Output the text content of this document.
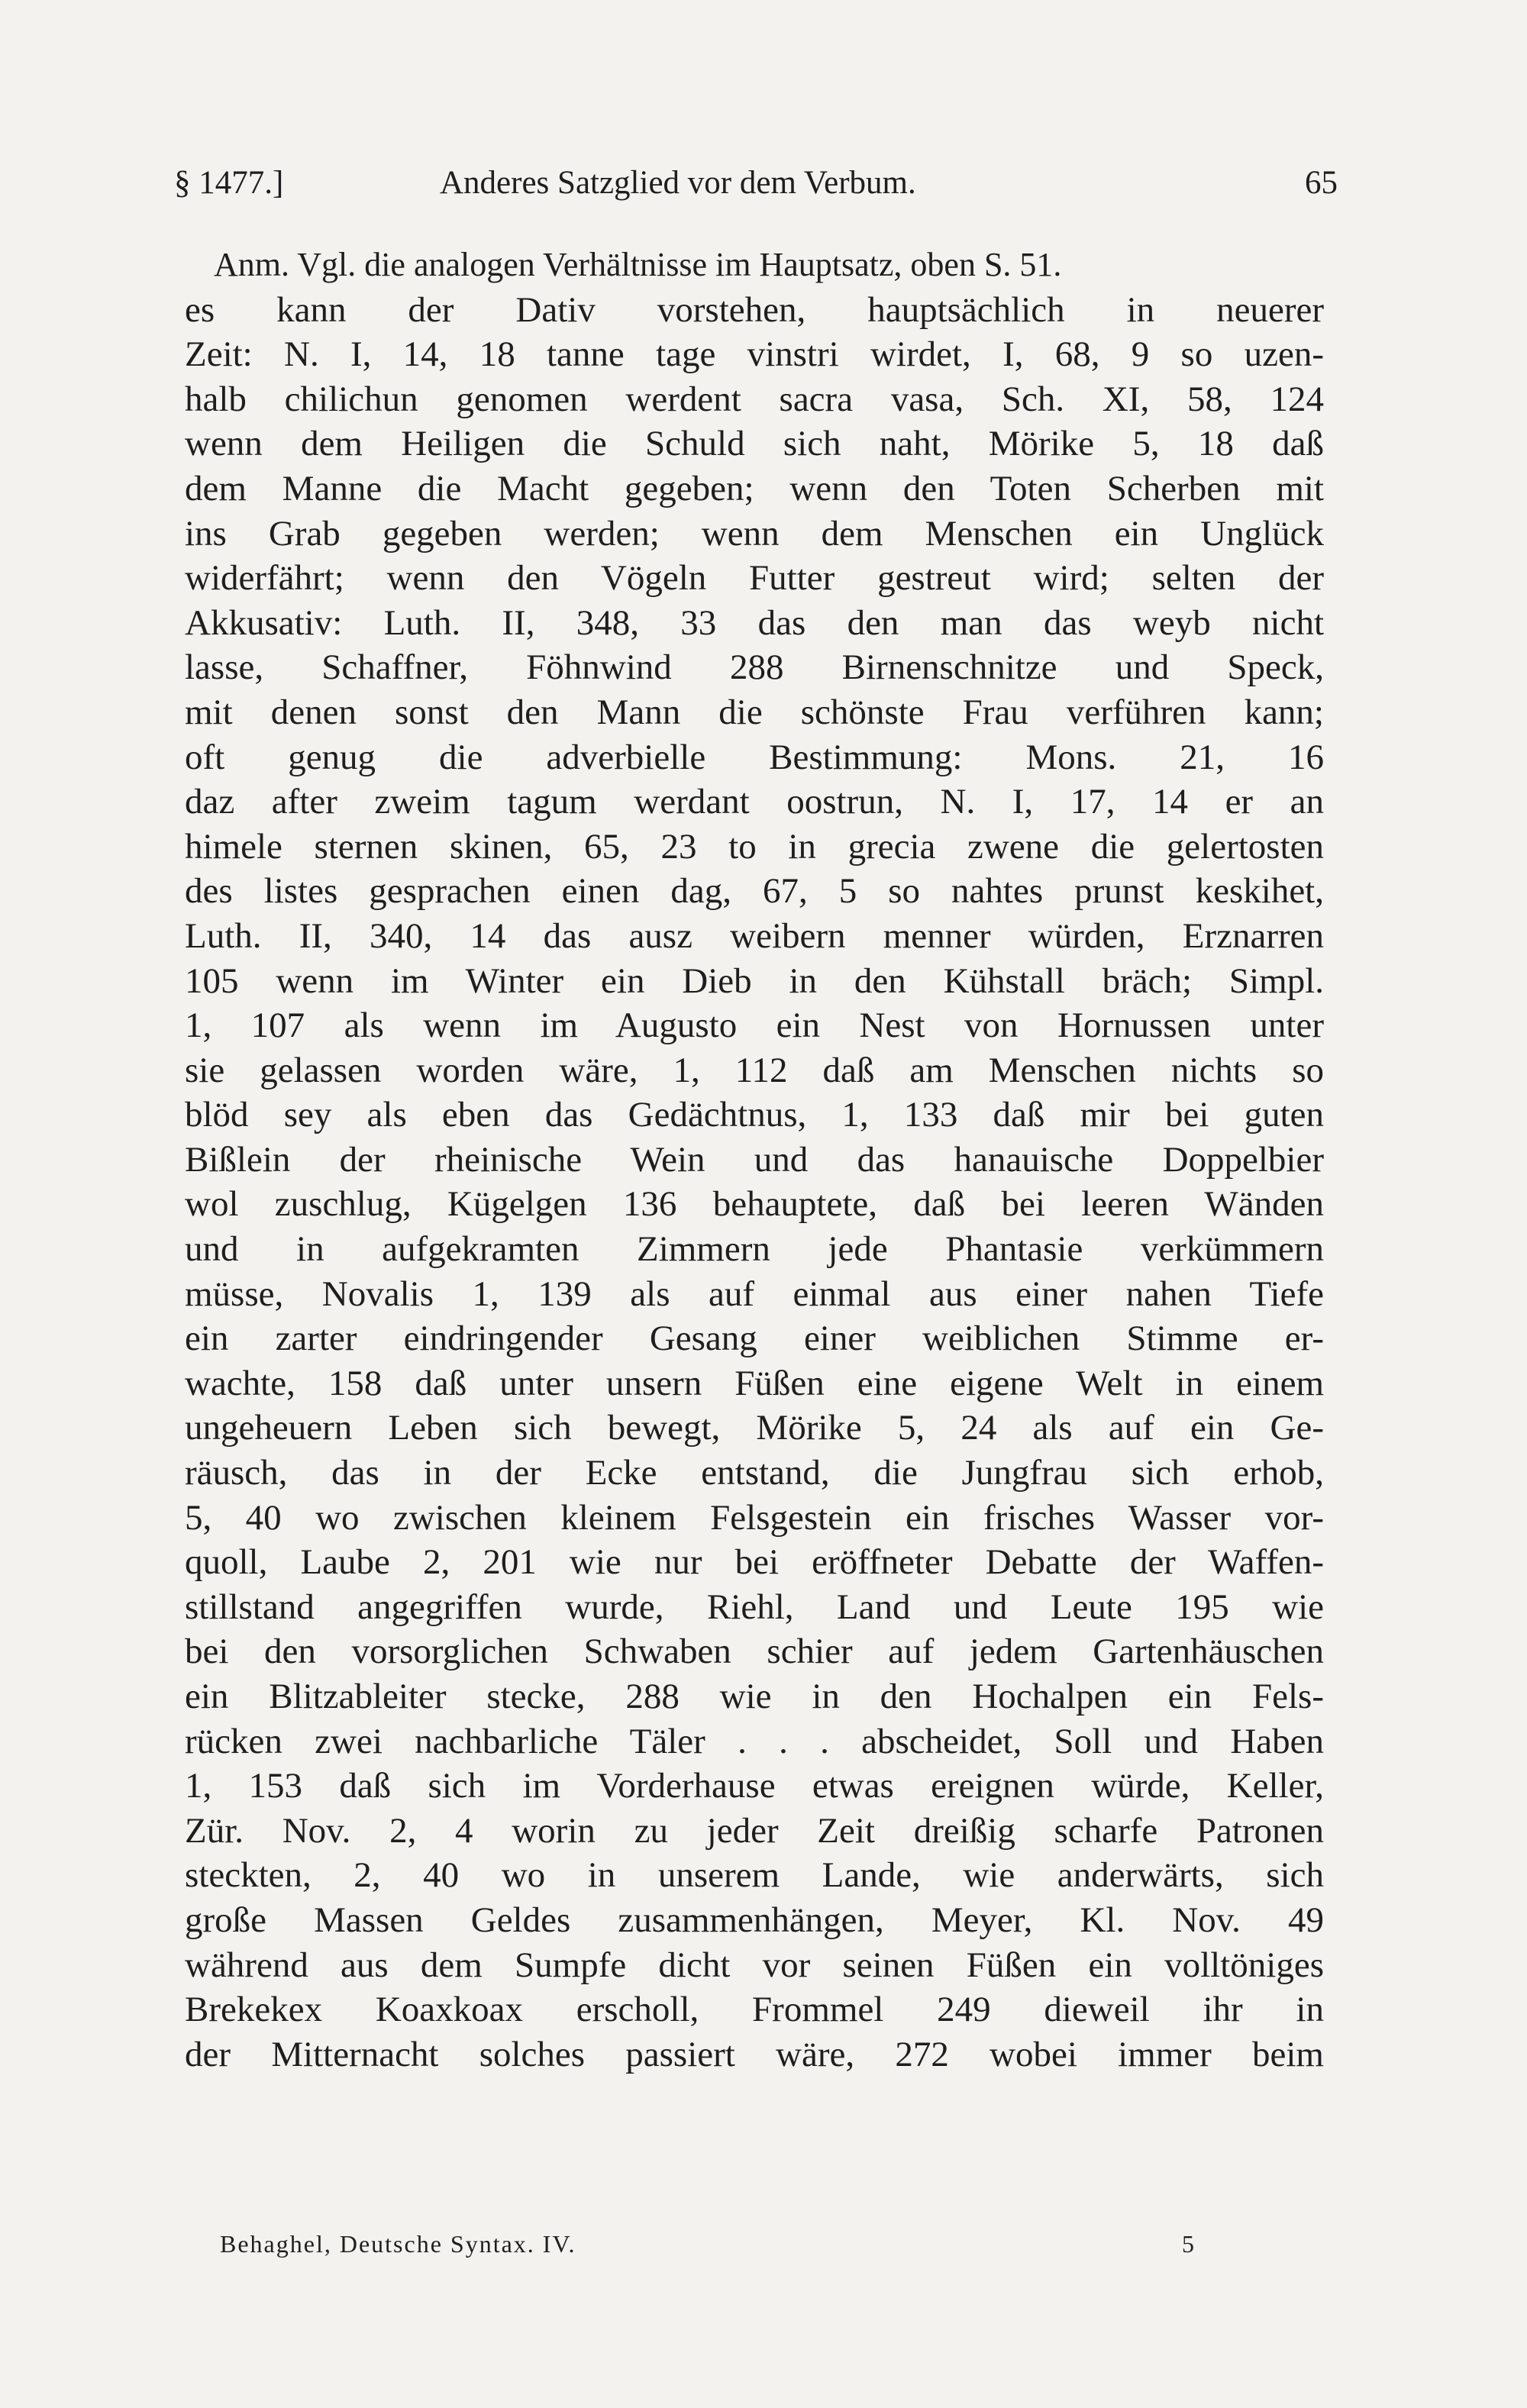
§ 1477.]	Anderes Satzglied vor dem Verbum.	65
Anm. Vgl. die analogen Verhältnisse im Hauptsatz, oben S. 51.
es kann der Dativ vorstehen, hauptsächlich in neuerer
Zeit: N. I, 14, 18 tanne tage vinstri wirdet, I, 68, 9 so uzen-
halb chilichun genomen werdent sacra vasa, Sch. XI, 58, 124
wenn dem Heiligen die Schuld sich naht, Mörike 5, 18 daß
dem Manne die Macht gegeben; wenn den Toten Scherben mit
ins Grab gegeben werden; wenn dem Menschen ein Unglück
widerfährt; wenn den Vögeln Futter gestreut wird; selten der
Akkusativ: Luth. II, 348, 33 das den man das weyb nicht
lasse, Schaffner, Föhnwind 288 Birnenschnitze und Speck,
mit denen sonst den Mann die schönste Frau verführen kann;
oft genug die adverbielle Bestimmung: Mons. 21, 16
daz after zweim tagum werdant oostrun, N. I, 17, 14 er an
himele sternen skinen, 65, 23 to in grecia zwene die gelertosten
des listes gesprachen einen dag, 67, 5 so nahtes prunst keskihet,
Luth. II, 340, 14 das ausz weibern menner würden, Erznarren
105 wenn im Winter ein Dieb in den Kühstall bräch; Simpl.
1, 107 als wenn im Augusto ein Nest von Hornussen unter
sie gelassen worden wäre, 1, 112 daß am Menschen nichts so
blöd sey als eben das Gedächtnus, 1, 133 daß mir bei guten
Bißlein der rheinische Wein und das hanauische Doppelbier
wol zuschlug, Kügelgen 136 behauptete, daß bei leeren Wänden
und in aufgekramten Zimmern jede Phantasie verkümmern
müsse, Novalis 1, 139 als auf einmal aus einer nahen Tiefe
ein zarter eindringender Gesang einer weiblichen Stimme er-
wachte, 158 daß unter unsern Füßen eine eigene Welt in einem
ungeheuern Leben sich bewegt, Mörike 5, 24 als auf ein Ge-
räusch, das in der Ecke entstand, die Jungfrau sich erhob,
5, 40 wo zwischen kleinem Felsgestein ein frisches Wasser vor-
quoll, Laube 2, 201 wie nur bei eröffneter Debatte der Waffen-
stillstand angegriffen wurde, Riehl, Land und Leute 195 wie
bei den vorsorglichen Schwaben schier auf jedem Gartenhäuschen
ein Blitzableiter stecke, 288 wie in den Hochalpen ein Fels-
rücken zwei nachbarliche Täler . . . abscheidet, Soll und Haben
1, 153 daß sich im Vorderhause etwas ereignen würde, Keller,
Zür. Nov. 2, 4 worin zu jeder Zeit dreißig scharfe Patronen
steckten, 2, 40 wo in unserem Lande, wie anderwärts, sich
große Massen Geldes zusammenhängen, Meyer, Kl. Nov. 49
während aus dem Sumpfe dicht vor seinen Füßen ein volltöniges
Brekekex Koaxkoax erscholl, Frommel 249 dieweil ihr in
der Mitternacht solches passiert wäre, 272 wobei immer beim
Behaghel, Deutsche Syntax. IV.	5
